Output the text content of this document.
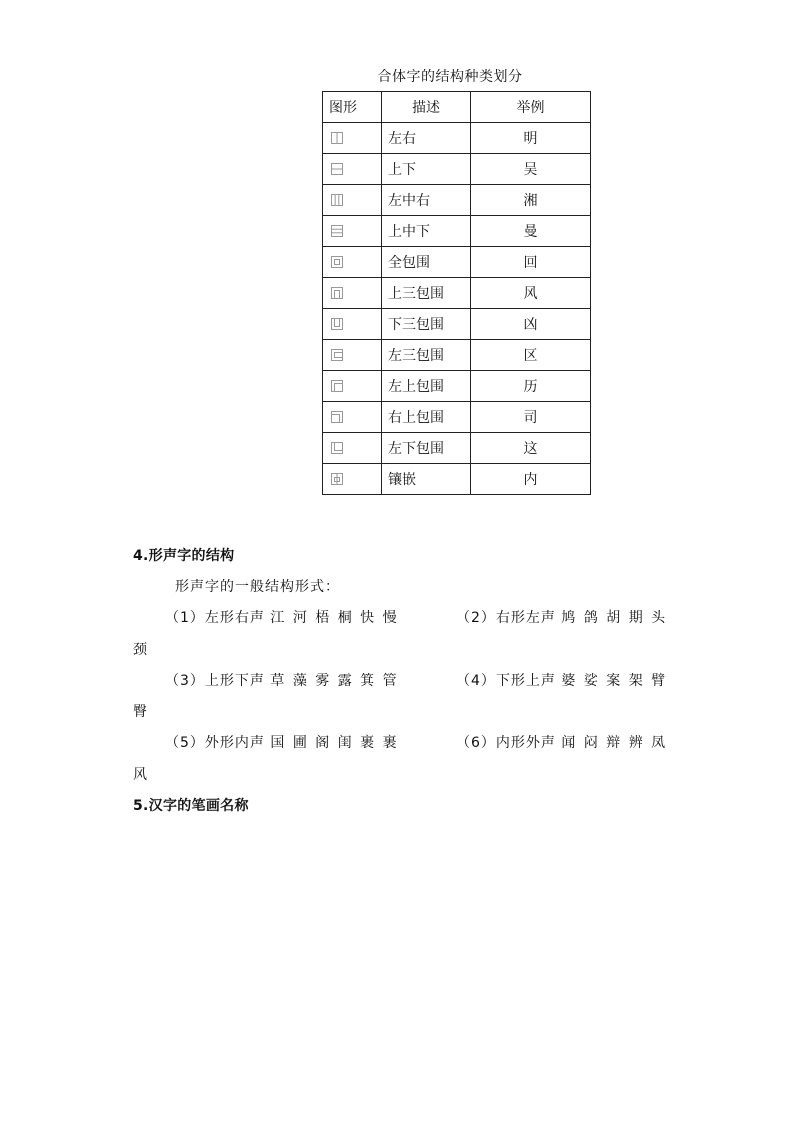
合体字的结构种类划分
图形	描述	举例

	左右	明

	上下	吴

	左中右	湘

	上中下	曼

	全包围	回

	上三包围	风

	下三包围	凶

	左三包围	区

	左上包围	历

	右上包围	司

	左下包围	这

	镶嵌	内
4.形声字的结构
形声字的一般结构形式：
（1）左形右声 江 河 梧 桐 快 慢	（2）右形左声 鸠 鸽 胡 期 头
颈
（3）上形下声 草 藻 雾 露 箕 管	（4）下形上声 婆 娑 案 架 臂
臀
（5）外形内声 国 圃 阁 闺 裹 裹	（6）内形外声 闻 闷 辩 辨 凤
风
5.汉字的笔画名称
